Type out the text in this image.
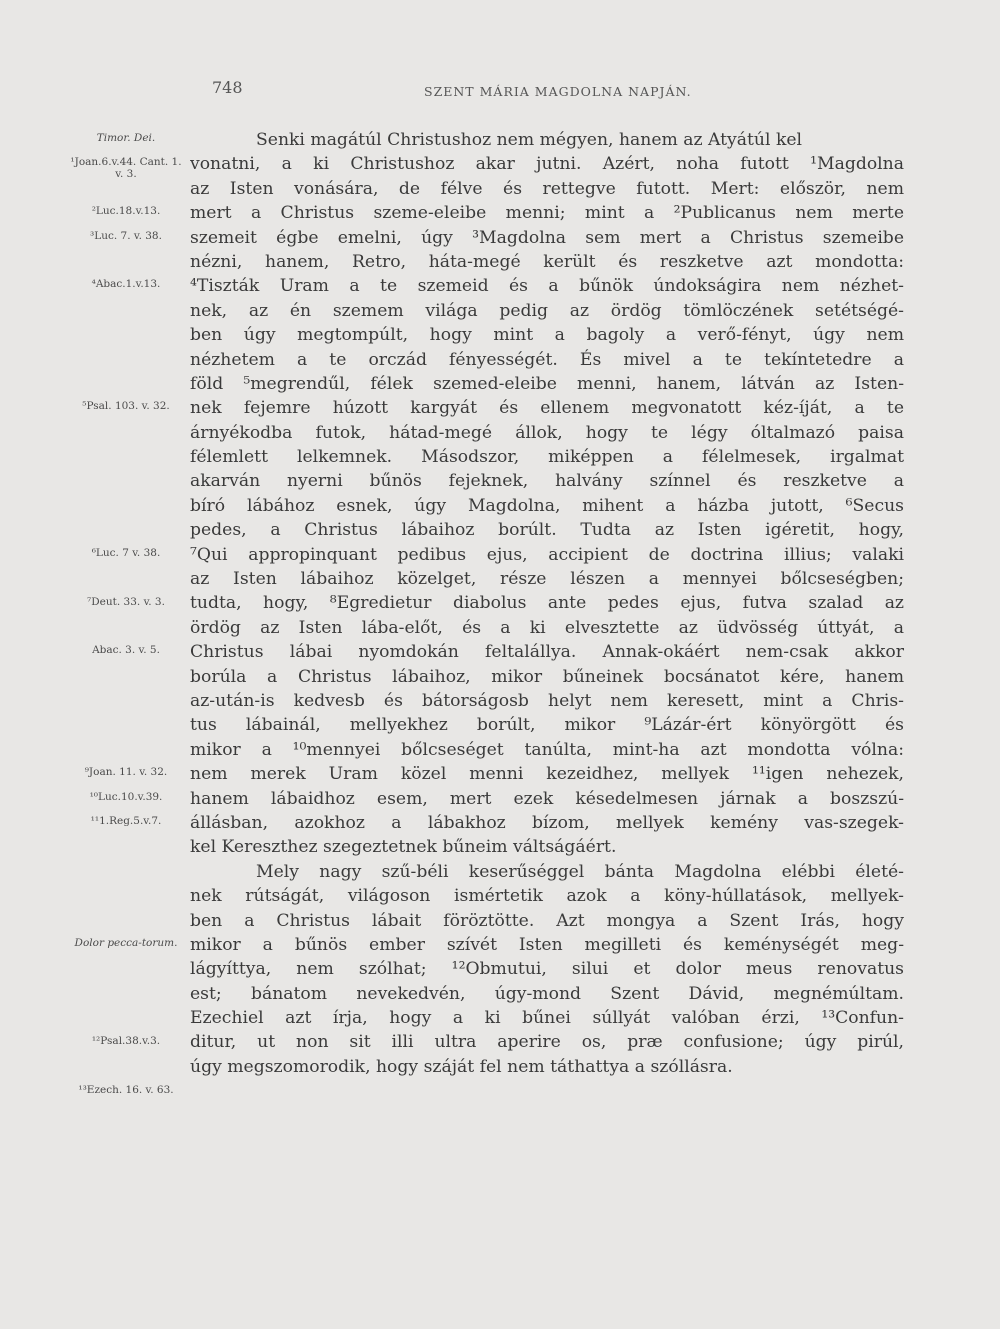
748	SZENT MÁRIA MAGDOLNA NAPJÁN.
Timor. Dei.
¹Joan.6.v.44. Cant. 1. v. 3.
²Luc.18.v.13.
³Luc. 7. v. 38.
⁴Abac.1.v.13.
⁵Psal. 103. v. 32.
⁶Luc. 7 v. 38.
⁷Deut. 33. v. 3.
Abac. 3. v. 5.
⁹Joan. 11. v. 32.
¹⁰Luc.10.v.39.
¹¹1.Reg.5.v.7.
Dolor pecca-torum.
¹²Psal.38.v.3.
¹³Ezech. 16. v. 63.
Senki magátúl Christushoz nem mégyen, hanem az Atyátúl kel
vonatni, a ki Christushoz akar jutni. Azért, noha futott ¹Magdolna
az Isten vonására, de félve és rettegve futott. Mert: először, nem
mert a Christus szeme-eleibe menni; mint a ²Publicanus nem merte
szemeit égbe emelni, úgy ³Magdolna sem mert a Christus szemeibe
nézni, hanem, Retro, háta-megé került és reszketve azt mondotta:
⁴Tiszták Uram a te szemeid és a bűnök úndokságira nem nézhet-
nek, az én szemem világa pedig az ördög tömlöczének setétségé-
ben úgy megtompúlt, hogy mint a bagoly a verő-fényt, úgy nem
nézhetem a te orczád fényességét. És mivel a te tekíntetedre a
föld ⁵megrendűl, félek szemed-eleibe menni, hanem, látván az Isten-
nek fejemre húzott kargyát és ellenem megvonatott kéz-íját, a te
árnyékodba futok, hátad-megé állok, hogy te légy óltalmazó paisa
félemlett lelkemnek. Másodszor, miképpen a félelmesek, irgalmat
akarván nyerni bűnös fejeknek, halvány színnel és reszketve a
bíró lábához esnek, úgy Magdolna, mihent a házba jutott, ⁶Secus
pedes, a Christus lábaihoz borúlt. Tudta az Isten igéretit, hogy,
⁷Qui appropinquant pedibus ejus, accipient de doctrina illius; valaki
az Isten lábaihoz közelget, része lészen a mennyei bőlcseségben;
tudta, hogy, ⁸Egredietur diabolus ante pedes ejus, futva szalad az
ördög az Isten lába-előt, és a ki elvesztette az üdvösség úttyát, a
Christus lábai nyomdokán feltalállya. Annak-okáért nem-csak akkor
borúla a Christus lábaihoz, mikor bűneinek bocsánatot kére, hanem
az-után-is kedvesb és bátorságosb helyt nem keresett, mint a Chris-
tus lábainál, mellyekhez borúlt, mikor ⁹Lázár-ért könyörgött és
mikor a ¹⁰mennyei bőlcseséget tanúlta, mint-ha azt mondotta vólna:
nem merek Uram közel menni kezeidhez, mellyek ¹¹igen nehezek,
hanem lábaidhoz esem, mert ezek késedelmesen járnak a boszszú-
állásban, azokhoz a lábakhoz bízom, mellyek kemény vas-szegek-
kel Kereszthez szegeztetnek bűneim váltságáért.
Mely nagy szű-béli keserűséggel bánta Magdolna elébbi életé-
nek rútságát, világoson ismértetik azok a köny-húllatások, mellyek-
ben a Christus lábait föröztötte. Azt mongya a Szent Irás, hogy
mikor a bűnös ember szívét Isten megilleti és keménységét meg-
lágyíttya, nem szólhat; ¹²Obmutui, silui et dolor meus renovatus
est; bánatom nevekedvén, úgy-mond Szent Dávid, megnémúltam.
Ezechiel azt írja, hogy a ki bűnei súllyát valóban érzi, ¹³Confun-
ditur, ut non sit illi ultra aperire os, præ confusione; úgy pirúl,
úgy megszomorodik, hogy száját fel nem táthattya a szóllásra.
